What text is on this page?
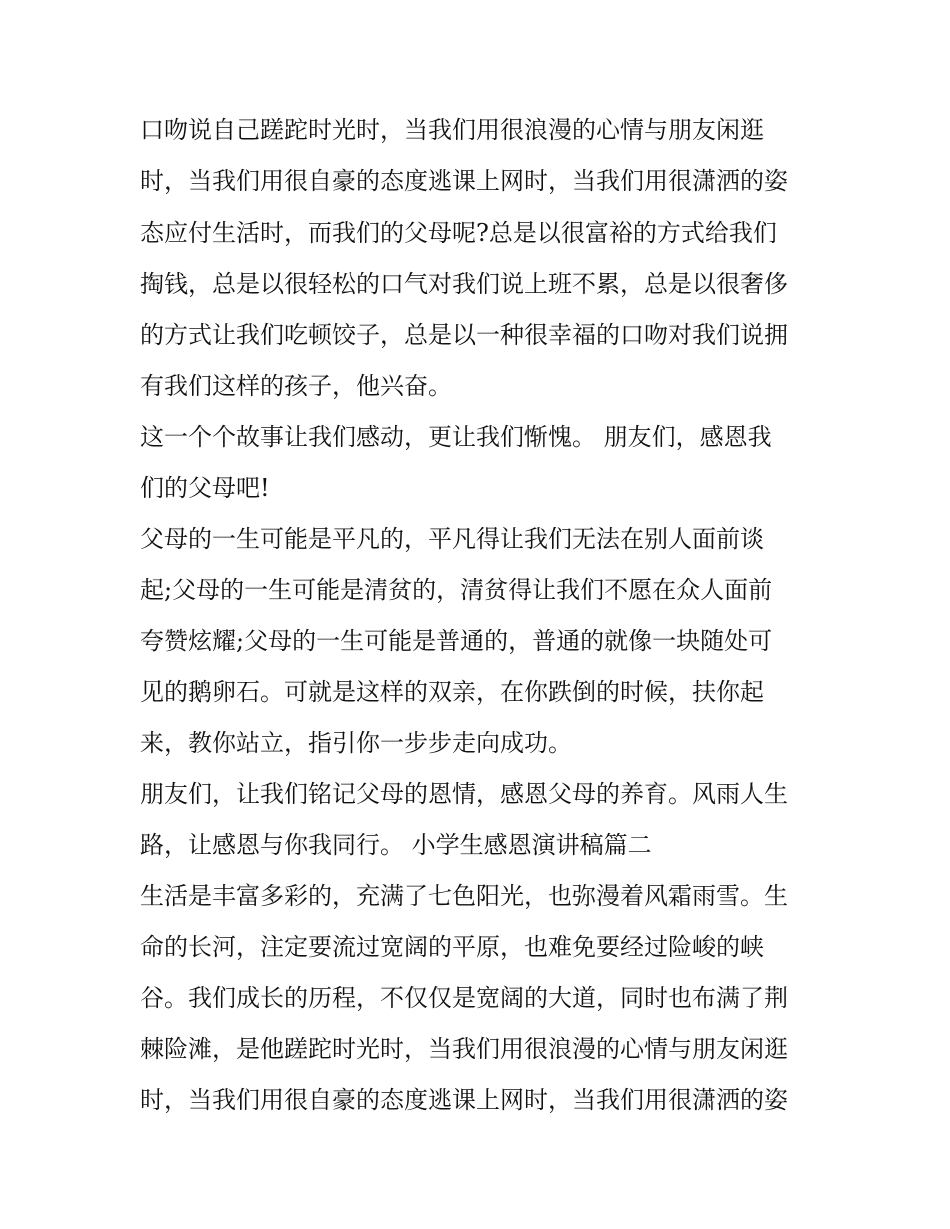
口吻说自己蹉跎时光时，当我们用很浪漫的心情与朋友闲逛
时，当我们用很自豪的态度逃课上网时，当我们用很潇洒的姿
态应付生活时，而我们的父母呢?总是以很富裕的方式给我们
掏钱，总是以很轻松的口气对我们说上班不累，总是以很奢侈
的方式让我们吃顿饺子，总是以一种很幸福的口吻对我们说拥
有我们这样的孩子，他兴奋。
这一个个故事让我们感动，更让我们惭愧。 朋友们，感恩我
们的父母吧!
父母的一生可能是平凡的，平凡得让我们无法在别人面前谈
起;父母的一生可能是清贫的，清贫得让我们不愿在众人面前
夸赞炫耀;父母的一生可能是普通的，普通的就像一块随处可
见的鹅卵石。可就是这样的双亲，在你跌倒的时候，扶你起
来，教你站立，指引你一步步走向成功。
朋友们，让我们铭记父母的恩情，感恩父母的养育。风雨人生
路，让感恩与你我同行。 小学生感恩演讲稿篇二
生活是丰富多彩的，充满了七色阳光，也弥漫着风霜雨雪。生
命的长河，注定要流过宽阔的平原，也难免要经过险峻的峡
谷。我们成长的历程，不仅仅是宽阔的大道，同时也布满了荆
棘险滩，是他蹉跎时光时，当我们用很浪漫的心情与朋友闲逛
时，当我们用很自豪的态度逃课上网时，当我们用很潇洒的姿
